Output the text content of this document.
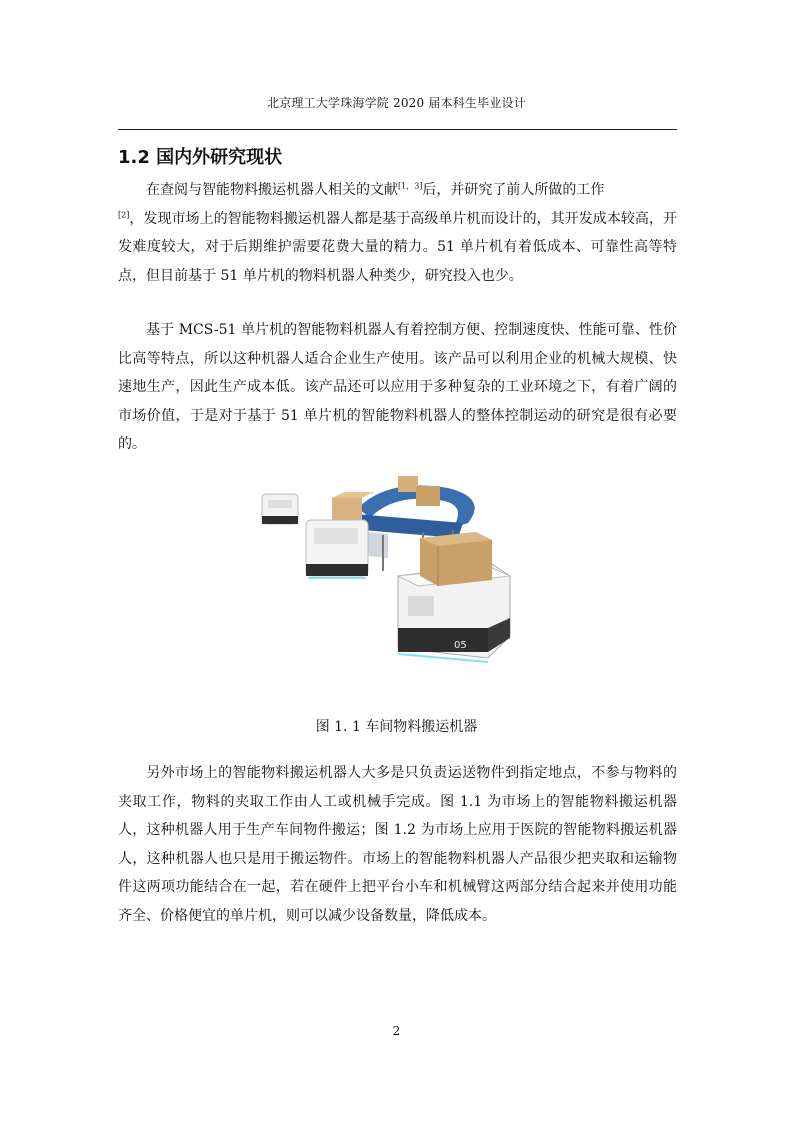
北京理工大学珠海学院 2020 届本科生毕业设计
1.2 国内外研究现状

在查阅与智能物料搬运机器人相关的文献[1，3]后，并研究了前人所做的工作
[2]，发现市场上的智能物料搬运机器人都是基于高级单片机而设计的，其开发成本较高，开发难度较大，对于后期维护需要花费大量的精力。51 单片机有着低成本、可靠性高等特点，但目前基于 51 单片机的物料机器人种类少，研究投入也少。

基于 MCS-51 单片机的智能物料机器人有着控制方便、控制速度快、性能可靠、性价比高等特点，所以这种机器人适合企业生产使用。该产品可以利用企业的机械大规模、快速地生产，因此生产成本低。该产品还可以应用于多种复杂的工业环境之下，有着广阔的市场价值，于是对于基于 51 单片机的智能物料机器人的整体控制运动的研究是很有必要的。

05
图 1. 1 车间物料搬运机器

另外市场上的智能物料搬运机器人大多是只负责运送物件到指定地点，不参与物料的夹取工作，物料的夹取工作由人工或机械手完成。图 1.1 为市场上的智能物料搬运机器人，这种机器人用于生产车间物件搬运；图 1.2 为市场上应用于医院的智能物料搬运机器人，这种机器人也只是用于搬运物件。市场上的智能物料机器人产品很少把夹取和运输物件这两项功能结合在一起，若在硬件上把平台小车和机械臂这两部分结合起来并使用功能齐全、价格便宜的单片机，则可以减少设备数量，降低成本。

2
